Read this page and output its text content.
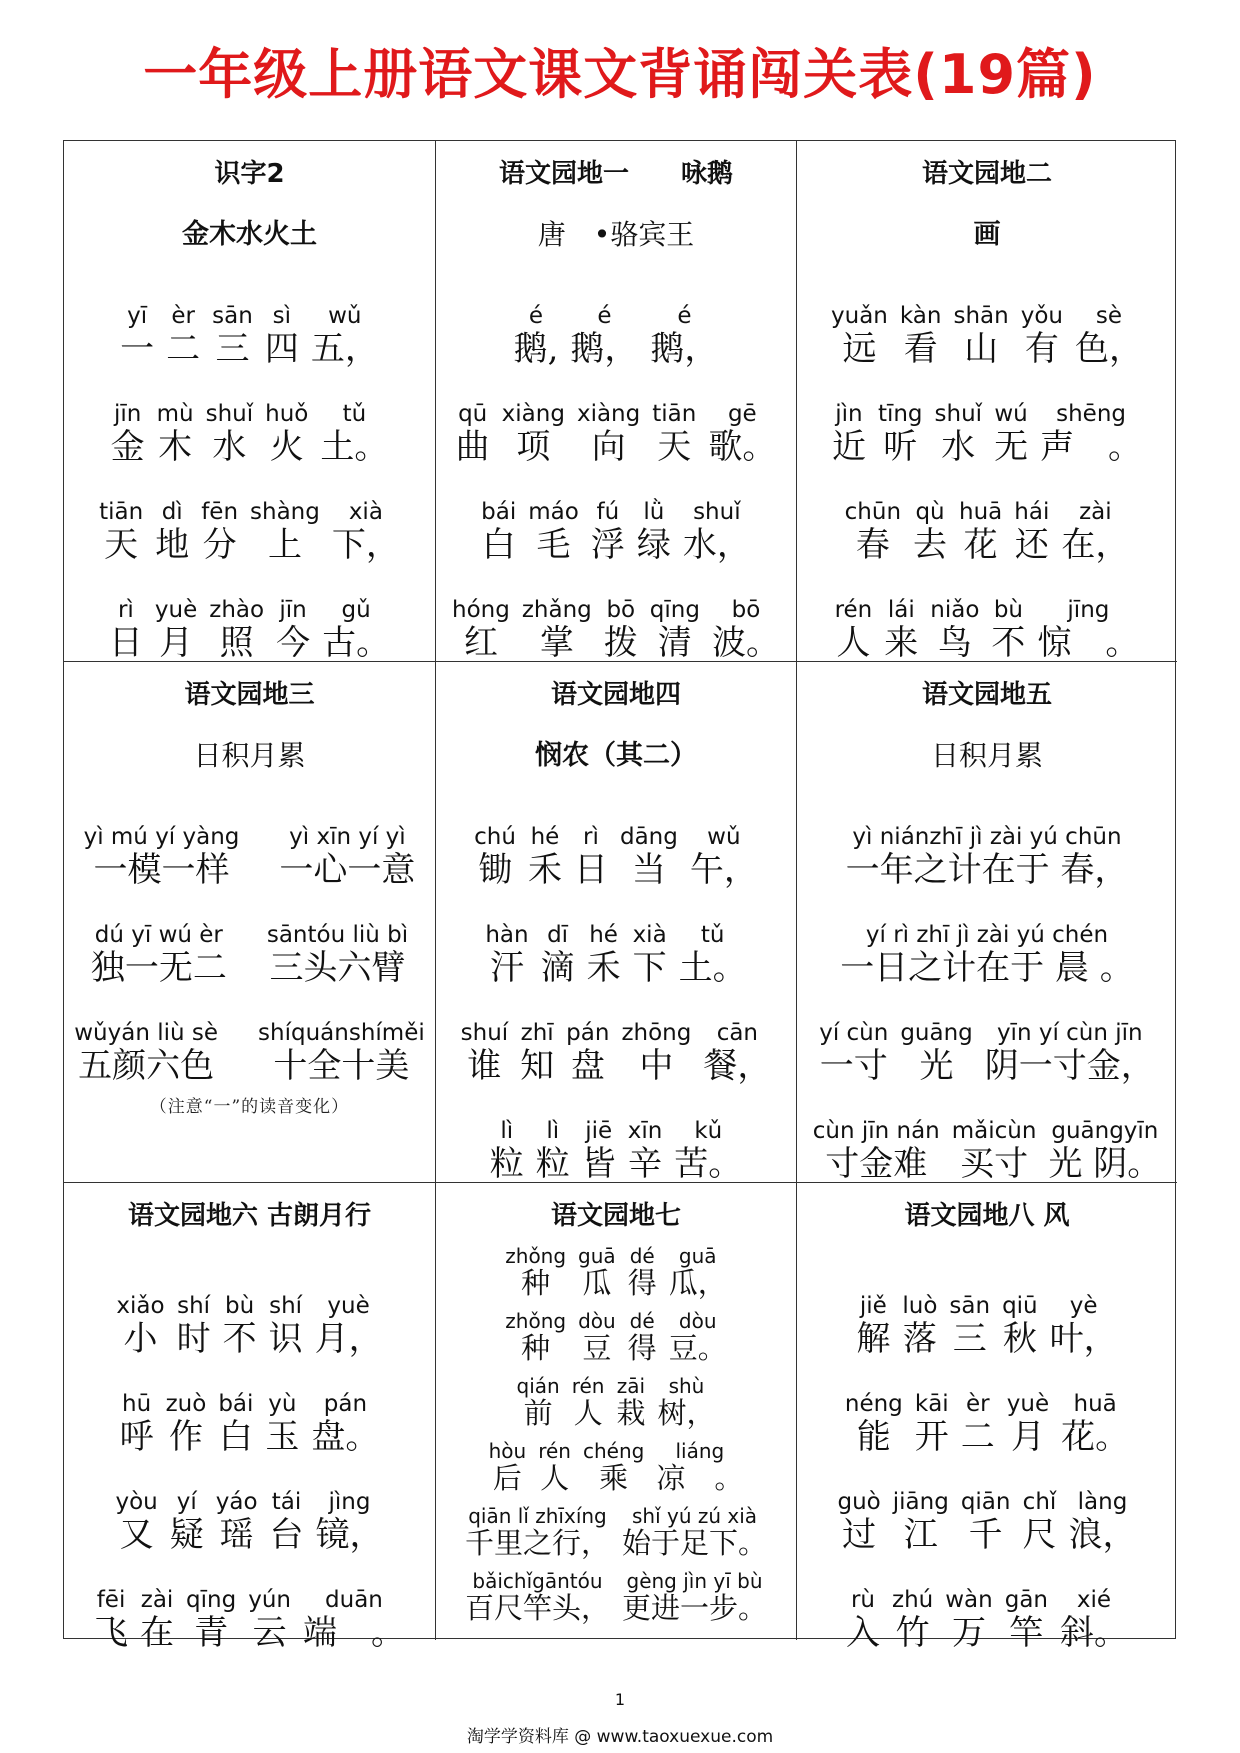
一年级上册语文课文背诵闯关表(19篇)
识字2
金木水火土
yī
一
èr
二
sān
三
sì
四
wǔ
五，
jīn
金
mù
木
shuǐ
水
huǒ
火
tǔ
土。
tiān
天
dì
地
fēn
分
shàng
上
xià
下，
rì
日
yuè
月
zhào
照
jīn
今
gǔ
古。
语文园地一　　咏鹅
唐　•骆宾王
é
鹅,
é
鹅，
é
鹅，
qū
曲
xiàng
项
xiàng
向
tiān
天
gē
歌。
bái
白
máo
毛
fú
浮
lǜ
绿
shuǐ
水，
hóng
红
zhǎng
掌
bō
拨
qīng
清
bō
波。
语文园地二
画
yuǎn
远
kàn
看
shān
山
yǒu
有
sè
色，
jìn
近
tīng
听
shuǐ
水
wú
无
shēng
声　。
chūn
春
qù
去
huā
花
hái
还
zài
在，
rén
人
lái
来
niǎo
鸟
bù
不
jīng
惊　。
语文园地三
日积月累
yì mú yí yàng
一模一样
yì xīn yí yì
一心一意
dú yī wú èr
独一无二
sāntóu liù bì
三头六臂
wǔyán liù sè
五颜六色
shíquánshíměi
十全十美
（注意“一”的读音变化）
语文园地四
悯农（其二）
chú
锄
hé
禾
rì
日
dāng
当
wǔ
午，
hàn
汗
dī
滴
hé
禾
xià
下
tǔ
土。
shuí
谁
zhī
知
pán
盘
zhōng
中
cān
餐，
lì
粒
lì
粒
jiē
皆
xīn
辛
kǔ
苦。
语文园地五
日积月累
yì niánzhī jì zài yú chūn
一年之计在于 春，
yí rì zhī jì zài yú chén
一日之计在于 晨 。
yí cùn
一寸
guāng
光
yīn yí cùn jīn
阴一寸金，
cùn jīn nán
寸金难
mǎicùn
买寸
guāngyīn
光 阴。
语文园地六 古朗月行
xiǎo
小
shí
时
bù
不
shí
识
yuè
月，
hū
呼
zuò
作
bái
白
yù
玉
pán
盘。
yòu
又
yí
疑
yáo
瑶
tái
台
jìng
镜，
fēi
飞
zài
在
qīng
青
yún
云
duān
端　。
语文园地七
zhǒng
种
guā
瓜
dé
得
guā
瓜，
zhǒng
种
dòu
豆
dé
得
dòu
豆。
qián
前
rén
人
zāi
栽
shù
树，
hòu
后
rén
人
chéng
乘
liáng
凉　。
qiān lǐ zhīxíng
千里之行，
shǐ yú zú xià
始于足下。
bǎichǐgāntóu
百尺竿头，
gèng jìn yī bù
更进一步。
语文园地八 风
jiě
解
luò
落
sān
三
qiū
秋
yè
叶，
néng
能
kāi
开
èr
二
yuè
月
huā
花。
guò
过
jiāng
江
qiān
千
chǐ
尺
làng
浪，
rù
入
zhú
竹
wàn
万
gān
竿
xié
斜。
1
淘学学资料库 @ www.taoxuexue.com
